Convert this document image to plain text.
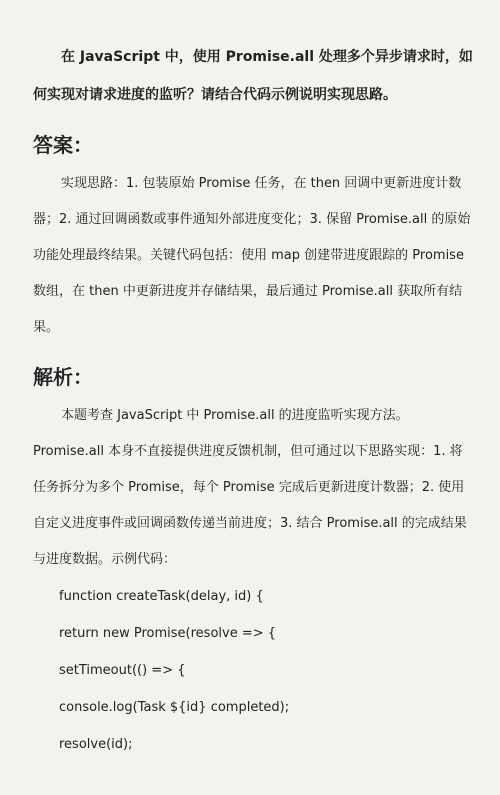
在 JavaScript 中，使用 Promise.all 处理多个异步请求时，如何实现对请求进度的监听？请结合代码示例说明实现思路。

答案：

实现思路：1. 包装原始 Promise 任务，在 then 回调中更新进度计数器；2. 通过回调函数或事件通知外部进度变化；3. 保留 Promise.all 的原始功能处理最终结果。关键代码包括：使用 map 创建带进度跟踪的 Promise 数组，在 then 中更新进度并存储结果，最后通过 Promise.all 获取所有结果。

解析：

本题考查 JavaScript 中 Promise.all 的进度监听实现方法。Promise.all 本身不直接提供进度反馈机制，但可通过以下思路实现：1. 将任务拆分为多个 Promise，每个 Promise 完成后更新进度计数器；2. 使用自定义进度事件或回调函数传递当前进度；3. 结合 Promise.all 的完成结果与进度数据。示例代码：

function createTask(delay, id) {

return new Promise(resolve => {

setTimeout(() => {

console.log(Task ${id} completed);

resolve(id);
